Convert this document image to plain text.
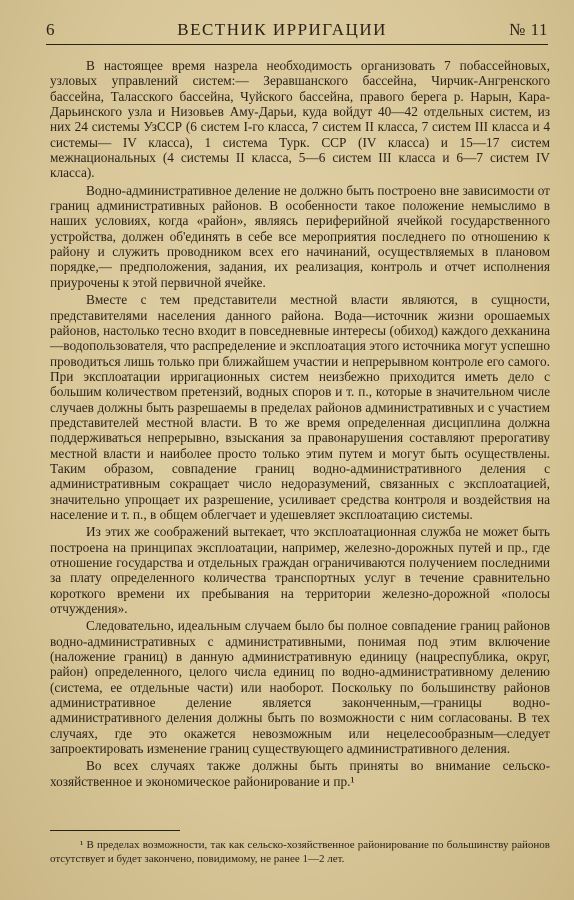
6	ВЕСТНИК ИРРИГАЦИИ	№ 11

В настоящее время назрела необходимость организовать 7 побассейновых, узловых управлений систем:— Зеравшанского бассейна, Чирчик-Ангренского бассейна, Таласского бассейна, Чуйского бассейна, правого берега р. Нарын, Кара-Дарьинского узла и Низовьев Аму-Дарьи, куда войдут 40—42 отдельных систем, из них 24 системы УзССР (6 систем I-го класса, 7 систем II класса, 7 систем III класса и 4 системы— IV класса), 1 система Турк. ССР (IV класса) и 15—17 систем межнациональных (4 системы II класса, 5—6 систем III класса и 6—7 систем IV класса).

Водно-административное деление не должно быть построено вне зависимости от границ административных районов. В особенности такое положение немыслимо в наших условиях, когда «район», являясь периферийной ячейкой государственного устройства, должен об'единять в себе все мероприятия последнего по отношению к району и служить проводником всех его начинаний, осуществляемых в плановом порядке,— предположения, задания, их реализация, контроль и отчет исполнения приурочены к этой первичной ячейке.

Вместе с тем представители местной власти являются, в сущности, представителями населения данного района. Вода—источник жизни орошаемых районов, настолько тесно входит в повседневные интересы (обиход) каждого дехканина—водопользователя, что распределение и эксплоатация этого источника могут успешно проводиться лишь только при ближайшем участии и непрерывном контроле его самого. При эксплоатации ирригационных систем неизбежно приходится иметь дело с большим количеством претензий, водных споров и т. п., которые в значительном числе случаев должны быть разрешаемы в пределах районов административных и с участием представителей местной власти. В то же время определенная дисциплина должна поддерживаться непрерывно, взыскания за правонарушения составляют прерогативу местной власти и наиболее просто только этим путем и могут быть осуществлены. Таким образом, совпадение границ водно-административного деления с административным сокращает число недоразумений, связанных с эксплоатацией, значительно упрощает их разрешение, усиливает средства контроля и воздействия на население и т. п., в общем облегчает и удешевляет эксплоатацию системы.

Из этих же соображений вытекает, что эксплоатационная служба не может быть построена на принципах эксплоатации, например, железно-дорожных путей и пр., где отношение государства и отдельных граждан ограничиваются получением последними за плату определенного количества транспортных услуг в течение сравнительно короткого времени их пребывания на территории железно-дорожной «полосы отчуждения».

Следовательно, идеальным случаем было бы полное совпадение границ районов водно-административных с административными, понимая под этим включение (наложение границ) в данную административную единицу (нацреспублика, округ, район) определенного, целого числа единиц по водно-административному делению (система, ее отдельные части) или наоборот. Поскольку по большинству районов административное деление является законченным,—границы водно-административного деления должны быть по возможности с ним согласованы. В тех случаях, где это окажется невозможным или нецелесообразным—следует запроектировать изменение границ существующего административного деления.

Во всех случаях также должны быть приняты во внимание сельско-хозяйственное и экономическое районирование и пр.¹

¹ В пределах возможности, так как сельско-хозяйственное районирование по большинству районов отсутствует и будет закончено, повидимому, не ранее 1—2 лет.
